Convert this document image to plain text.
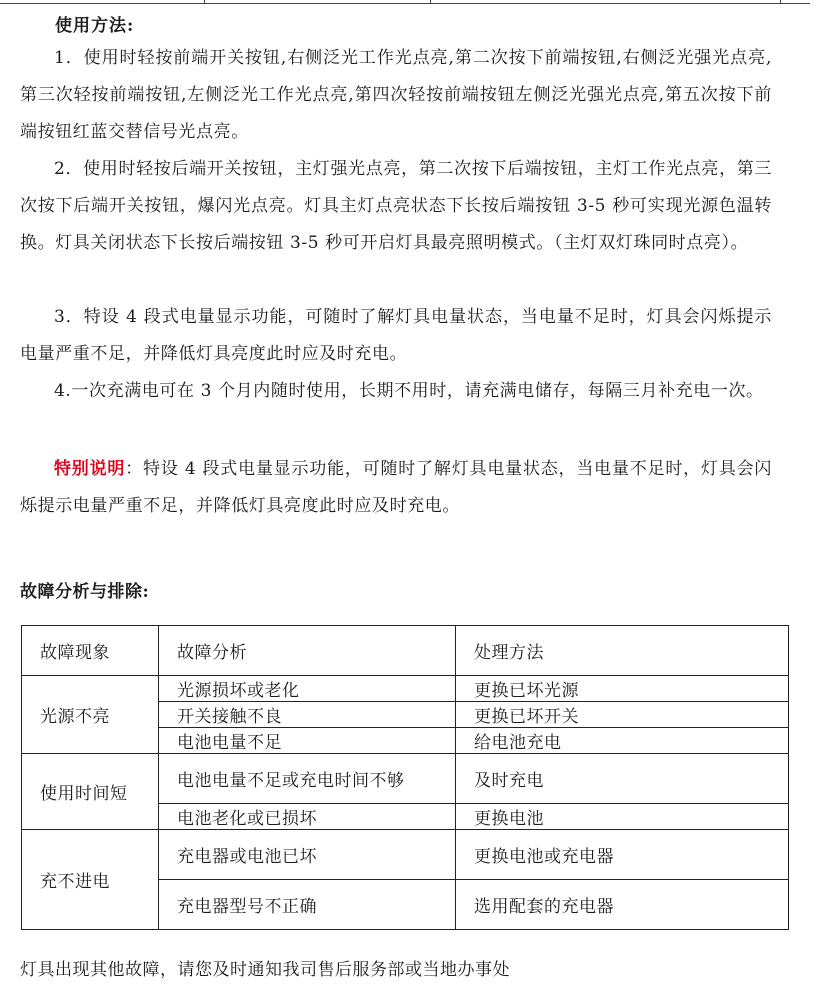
使用方法:
1．使用时轻按前端开关按钮,右侧泛光工作光点亮,第二次按下前端按钮,右侧泛光强光点亮,第三次轻按前端按钮,左侧泛光工作光点亮,第四次轻按前端按钮左侧泛光强光点亮,第五次按下前端按钮红蓝交替信号光点亮。
2．使用时轻按后端开关按钮，主灯强光点亮，第二次按下后端按钮，主灯工作光点亮，第三次按下后端开关按钮，爆闪光点亮。灯具主灯点亮状态下长按后端按钮 3-5 秒可实现光源色温转换。灯具关闭状态下长按后端按钮 3-5 秒可开启灯具最亮照明模式。（主灯双灯珠同时点亮）。
3．特设 4 段式电量显示功能，可随时了解灯具电量状态，当电量不足时，灯具会闪烁提示电量严重不足，并降低灯具亮度此时应及时充电。
4.一次充满电可在 3 个月内随时使用，长期不用时，请充满电储存，每隔三月补充电一次。
特别说明：特设 4 段式电量显示功能，可随时了解灯具电量状态，当电量不足时，灯具会闪烁提示电量严重不足，并降低灯具亮度此时应及时充电。
故障分析与排除:
故障现象	故障分析	处理方法
光源不亮	光源损坏或老化	更换已坏光源
	开关接触不良	更换已坏开关
	电池电量不足	给电池充电
使用时间短	电池电量不足或充电时间不够	及时充电
	电池老化或已损坏	更换电池
充不进电	充电器或电池已坏	更换电池或充电器
	充电器型号不正确	选用配套的充电器
灯具出现其他故障，请您及时通知我司售后服务部或当地办事处
